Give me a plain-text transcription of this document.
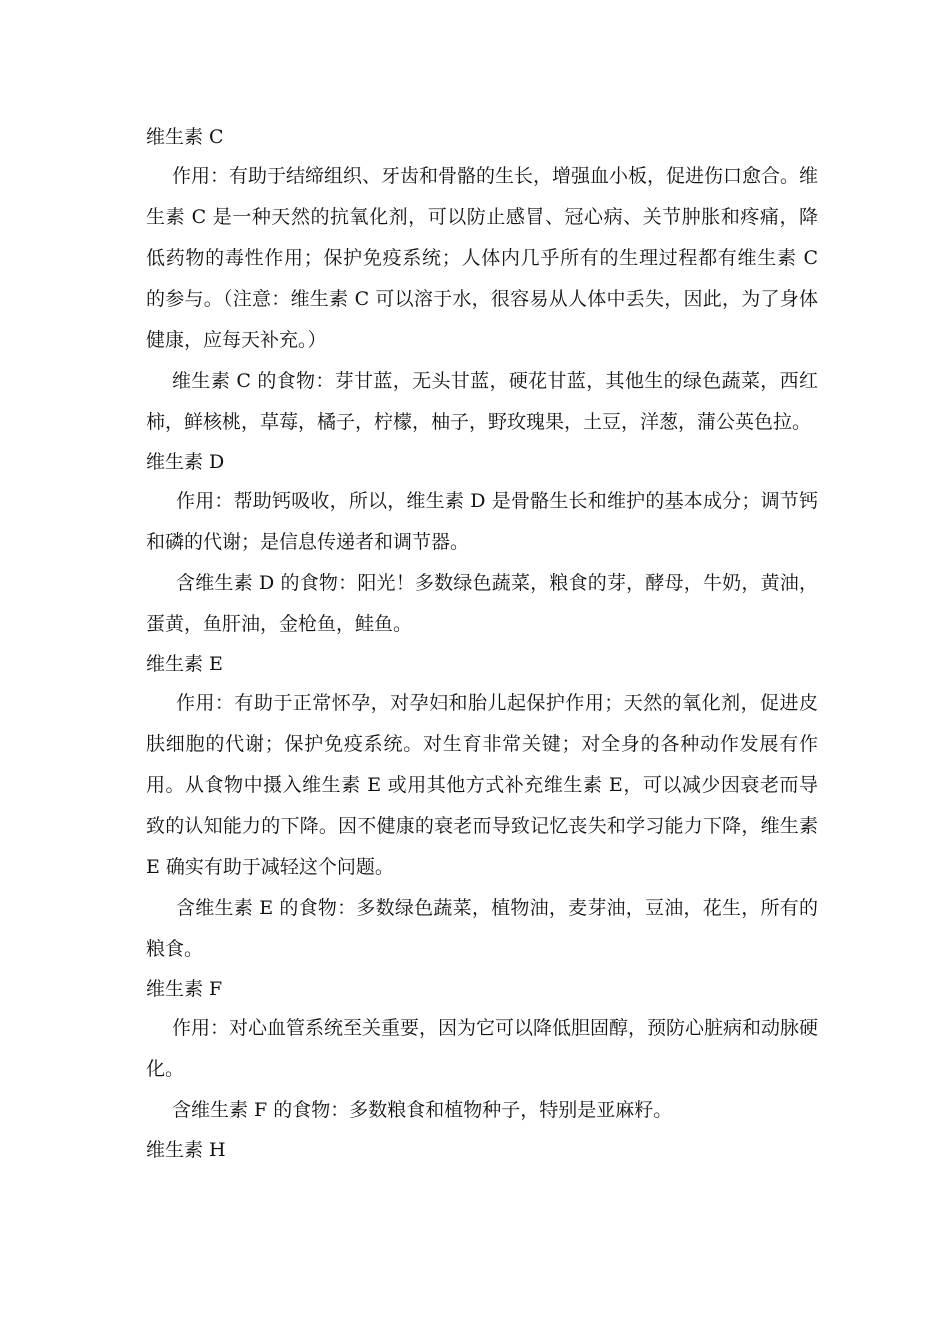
维生素 C

作用：有助于结缔组织、牙齿和骨骼的生长，增强血小板，促进伤口愈合。维生素 C 是一种天然的抗氧化剂，可以防止感冒、冠心病、关节肿胀和疼痛，降低药物的毒性作用；保护免疫系统；人体内几乎所有的生理过程都有维生素 C 的参与。（注意：维生素 C 可以溶于水，很容易从人体中丢失，因此，为了身体健康，应每天补充。）

维生素 C 的食物：芽甘蓝，无头甘蓝，硬花甘蓝，其他生的绿色蔬菜，西红柿，鲜核桃，草莓，橘子，柠檬，柚子，野玫瑰果，土豆，洋葱，蒲公英色拉。

维生素 D

作用：帮助钙吸收，所以，维生素 D 是骨骼生长和维护的基本成分；调节钙和磷的代谢；是信息传递者和调节器。

含维生素 D 的食物：阳光！多数绿色蔬菜，粮食的芽，酵母，牛奶，黄油，蛋黄，鱼肝油，金枪鱼，鲑鱼。

维生素 E

作用：有助于正常怀孕，对孕妇和胎儿起保护作用；天然的氧化剂，促进皮肤细胞的代谢；保护免疫系统。对生育非常关键；对全身的各种动作发展有作用。从食物中摄入维生素 E 或用其他方式补充维生素 E，可以减少因衰老而导致的认知能力的下降。因不健康的衰老而导致记忆丧失和学习能力下降，维生素 E 确实有助于减轻这个问题。

含维生素 E 的食物：多数绿色蔬菜，植物油，麦芽油，豆油，花生，所有的粮食。

维生素 F

作用：对心血管系统至关重要，因为它可以降低胆固醇，预防心脏病和动脉硬化。

含维生素 F 的食物：多数粮食和植物种子，特别是亚麻籽。

维生素 H
